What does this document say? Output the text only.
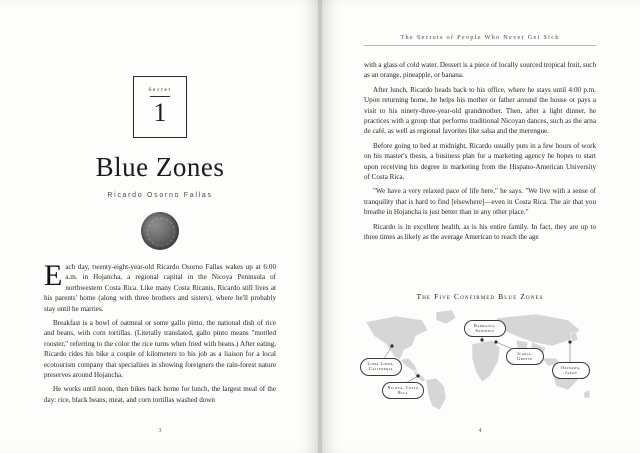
Secret
1
Blue Zones
Ricardo Osorno Fallas

Each day, twenty-eight-year-old Ricardo Osorno Fallas wakes up at 6:00 a.m. in Hojancha, a regional capital in the Nicoya Peninsula of northwestern Costa Rica. Like many Costa Ricanis, Ricardo still lives at his parents' home (along with three brothers and sisters), where he'll probably stay until he marries.

Breakfast is a bowl of oatmeal or some gallo pinto, the national dish of rice and beans, with corn tortillas. (Literally translated, gallo pinto means "mottled rooster," referring to the color the rice turns when fried with beans.) After eating, Ricardo rides his bike a couple of kilometers to his job as a liaison for a local ecotourism company that specializes in showing foreigners the rain-forest nature preserves around Hojancha.

He works until noon, then bikes back home for lunch, the largest meal of the day: rice, black beans, meat, and corn tortillas washed down

3
The Secrets of People Who Never Get Sick

with a glass of cold water. Dessert is a piece of locally sourced tropical fruit, such as an orange, pineapple, or banana.

After lunch, Ricardo heads back to his office, where he stays until 4:00 p.m. Upon returning home, he helps his mother or father around the house or pays a visit to his ninety-three-year-old grandmother. Then, after a light dinner, he practices with a group that performs traditional Nicoyan dances, such as the arna de café, as well as regional favorites like salsa and the merengue.

Before going to bed at midnight, Ricardo usually puts in a few hours of work on his master's thesis, a business plan for a marketing agency he hopes to start upon receiving his degree in marketing from the Hispano-American University of Costa Rica.

"We have a very relaxed pace of life here," he says. "We live with a sense of tranquility that is hard to find [elsewhere]—even in Costa Rica. The air that you breathe in Hojancha is just better than in any other place."

Ricardo is in excellent health, as is his entire family. In fact, they are up to three times as likely as the average American to reach the age

The Five Confirmed Blue Zones
Loma Linda, California
Nicoya, Costa Rica
Barbagia, Sardinia
Icaria, Greece
Okinawa, Japan
4
